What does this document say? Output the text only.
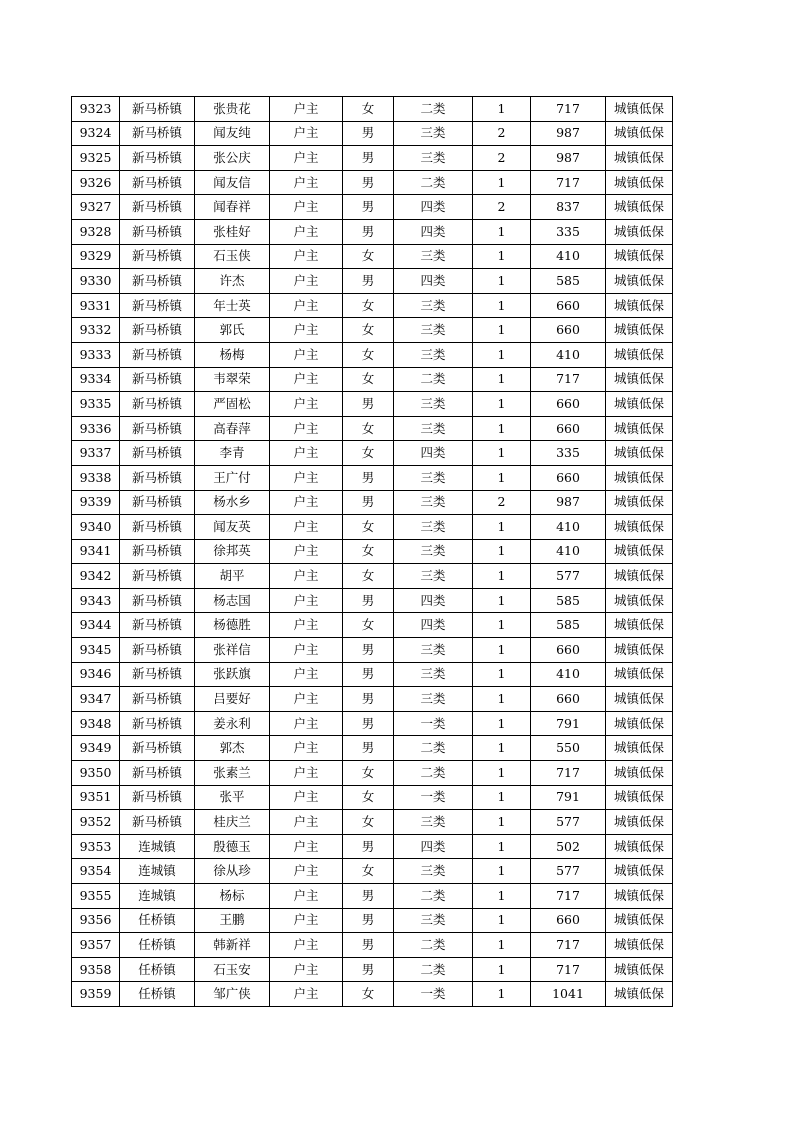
9323	新马桥镇	张贵花	户主	女	二类	1	717	城镇低保
9324	新马桥镇	闻友纯	户主	男	三类	2	987	城镇低保
9325	新马桥镇	张公庆	户主	男	三类	2	987	城镇低保
9326	新马桥镇	闻友信	户主	男	二类	1	717	城镇低保
9327	新马桥镇	闻春祥	户主	男	四类	2	837	城镇低保
9328	新马桥镇	张桂好	户主	男	四类	1	335	城镇低保
9329	新马桥镇	石玉侠	户主	女	三类	1	410	城镇低保
9330	新马桥镇	许杰	户主	男	四类	1	585	城镇低保
9331	新马桥镇	年士英	户主	女	三类	1	660	城镇低保
9332	新马桥镇	郭氏	户主	女	三类	1	660	城镇低保
9333	新马桥镇	杨梅	户主	女	三类	1	410	城镇低保
9334	新马桥镇	韦翠荣	户主	女	二类	1	717	城镇低保
9335	新马桥镇	严固松	户主	男	三类	1	660	城镇低保
9336	新马桥镇	高春萍	户主	女	三类	1	660	城镇低保
9337	新马桥镇	李青	户主	女	四类	1	335	城镇低保
9338	新马桥镇	王广付	户主	男	三类	1	660	城镇低保
9339	新马桥镇	杨水乡	户主	男	三类	2	987	城镇低保
9340	新马桥镇	闻友英	户主	女	三类	1	410	城镇低保
9341	新马桥镇	徐邦英	户主	女	三类	1	410	城镇低保
9342	新马桥镇	胡平	户主	女	三类	1	577	城镇低保
9343	新马桥镇	杨志国	户主	男	四类	1	585	城镇低保
9344	新马桥镇	杨德胜	户主	女	四类	1	585	城镇低保
9345	新马桥镇	张祥信	户主	男	三类	1	660	城镇低保
9346	新马桥镇	张跃旗	户主	男	三类	1	410	城镇低保
9347	新马桥镇	吕要好	户主	男	三类	1	660	城镇低保
9348	新马桥镇	姜永利	户主	男	一类	1	791	城镇低保
9349	新马桥镇	郭杰	户主	男	二类	1	550	城镇低保
9350	新马桥镇	张素兰	户主	女	二类	1	717	城镇低保
9351	新马桥镇	张平	户主	女	一类	1	791	城镇低保
9352	新马桥镇	桂庆兰	户主	女	三类	1	577	城镇低保
9353	连城镇	殷德玉	户主	男	四类	1	502	城镇低保
9354	连城镇	徐从珍	户主	女	三类	1	577	城镇低保
9355	连城镇	杨标	户主	男	二类	1	717	城镇低保
9356	任桥镇	王鹏	户主	男	三类	1	660	城镇低保
9357	任桥镇	韩新祥	户主	男	二类	1	717	城镇低保
9358	任桥镇	石玉安	户主	男	二类	1	717	城镇低保
9359	任桥镇	邹广侠	户主	女	一类	1	1041	城镇低保
